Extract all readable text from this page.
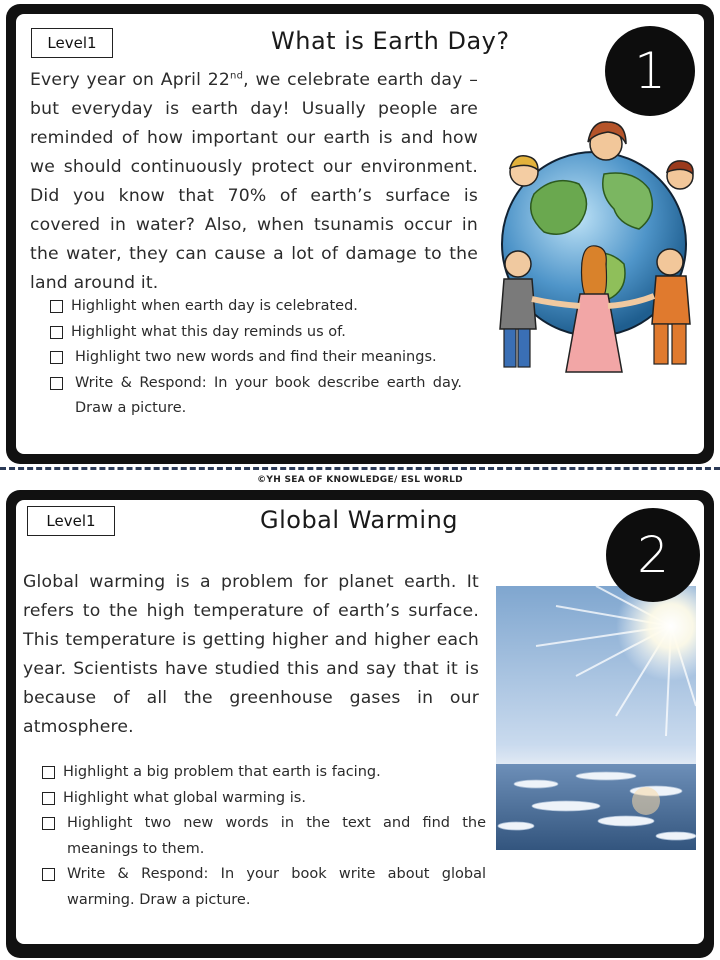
Level1	What is Earth Day?

Every year on April 22nd, we celebrate earth day – but everyday is earth day! Usually people are reminded of how important our earth is and how we should continuously protect our environment. Did you know that 70% of earth’s surface is covered in water? Also, when tsunamis occur in the water, they can cause a lot of damage to the land around it.

Highlight when earth day is celebrated.
Highlight what this day reminds us of.
Highlight two new words and find their meanings.
Write & Respond: In your book describe earth day. Draw a picture.
1
©YH SEA OF KNOWLEDGE/ ESL WORLD
Level1	Global Warming

Global warming is a problem for planet earth. It refers to the high temperature of earth’s surface. This temperature is getting higher and higher each year. Scientists have studied this and say that it is because of all the greenhouse gases in our atmosphere.

Highlight a big problem that earth is facing.
Highlight what global warming is.
Highlight two new words in the text and find the meanings to them.
Write & Respond: In your book write about global warming. Draw a picture.
2
